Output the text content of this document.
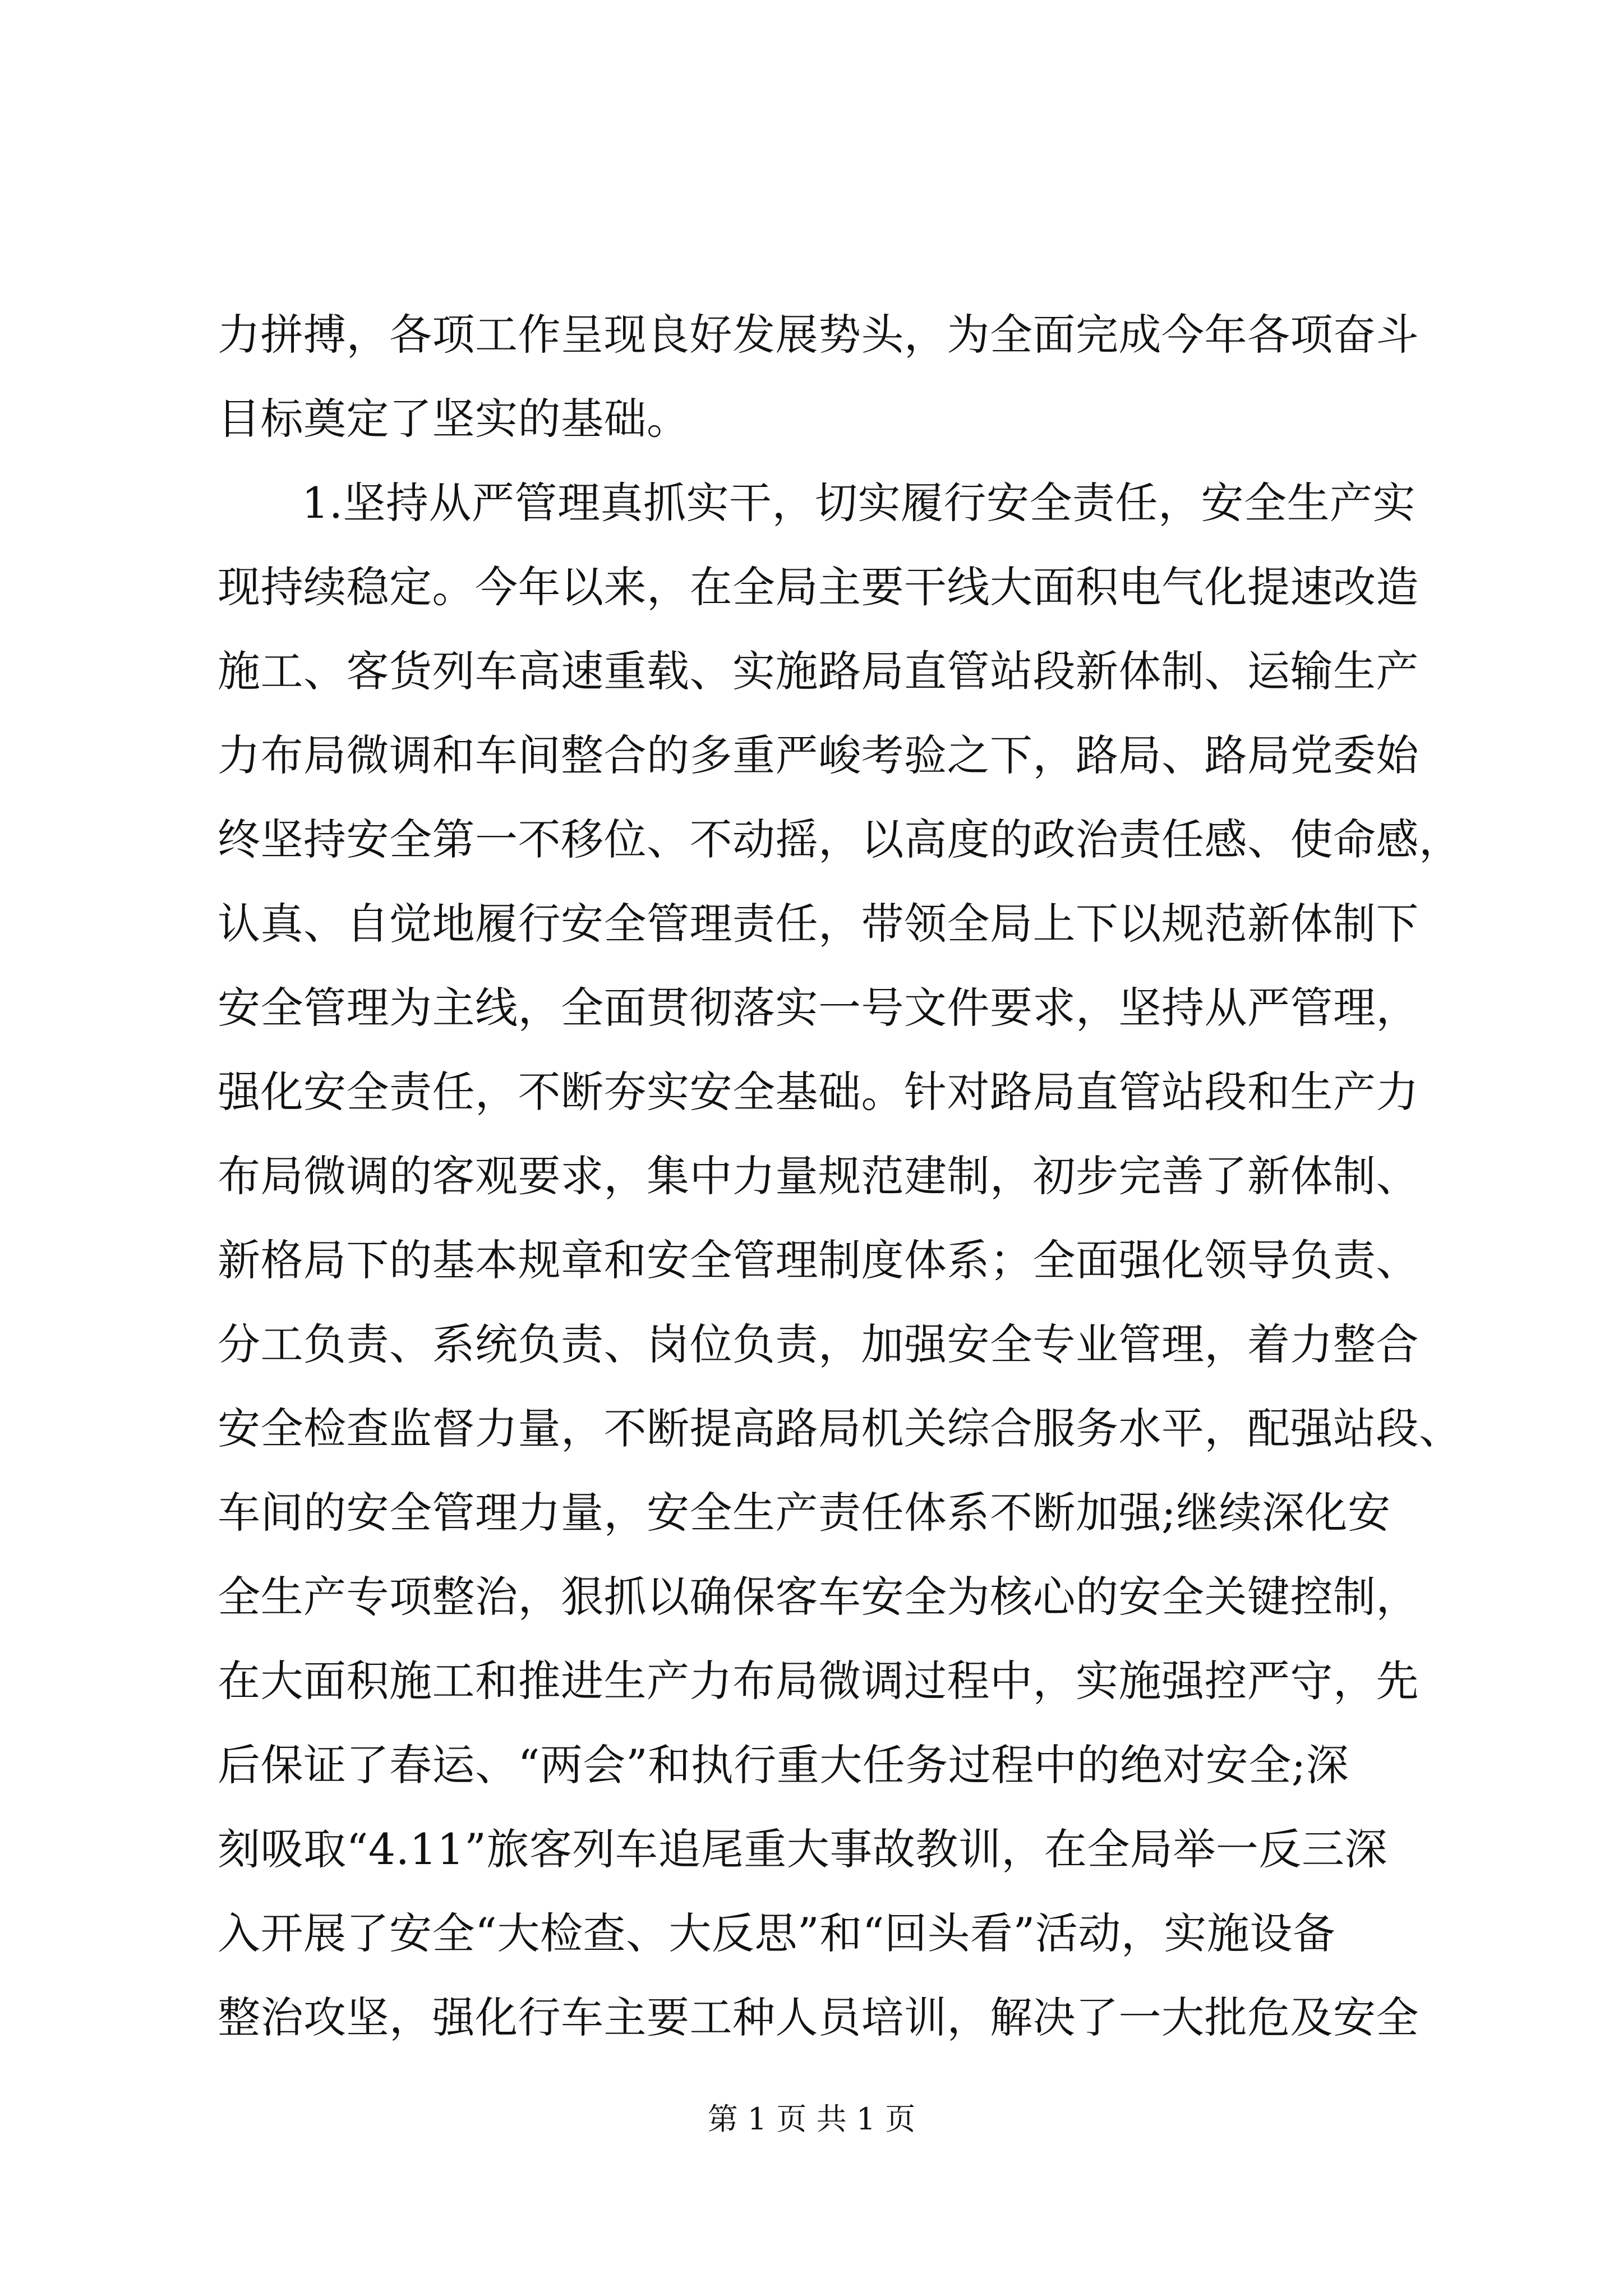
力拼搏，各项工作呈现良好发展势头，为全面完成今年各项奋斗
目标奠定了坚实的基础。
1.坚持从严管理真抓实干，切实履行安全责任，安全生产实
现持续稳定。今年以来，在全局主要干线大面积电气化提速改造
施工、客货列车高速重载、实施路局直管站段新体制、运输生产
力布局微调和车间整合的多重严峻考验之下，路局、路局党委始
终坚持安全第一不移位、不动摇，以高度的政治责任感、使命感，
认真、自觉地履行安全管理责任，带领全局上下以规范新体制下
安全管理为主线，全面贯彻落实一号文件要求，坚持从严管理，
强化安全责任，不断夯实安全基础。针对路局直管站段和生产力
布局微调的客观要求，集中力量规范建制，初步完善了新体制、
新格局下的基本规章和安全管理制度体系；全面强化领导负责、
分工负责、系统负责、岗位负责，加强安全专业管理，着力整合
安全检查监督力量，不断提高路局机关综合服务水平，配强站段、
车间的安全管理力量，安全生产责任体系不断加强;继续深化安
全生产专项整治，狠抓以确保客车安全为核心的安全关键控制，
在大面积施工和推进生产力布局微调过程中，实施强控严守，先
后保证了春运、“两会”和执行重大任务过程中的绝对安全;深
刻吸取“4.11”旅客列车追尾重大事故教训，在全局举一反三深
入开展了安全“大检查、大反思”和“回头看”活动，实施设备
整治攻坚，强化行车主要工种人员培训，解决了一大批危及安全
第 1 页 共 1 页
